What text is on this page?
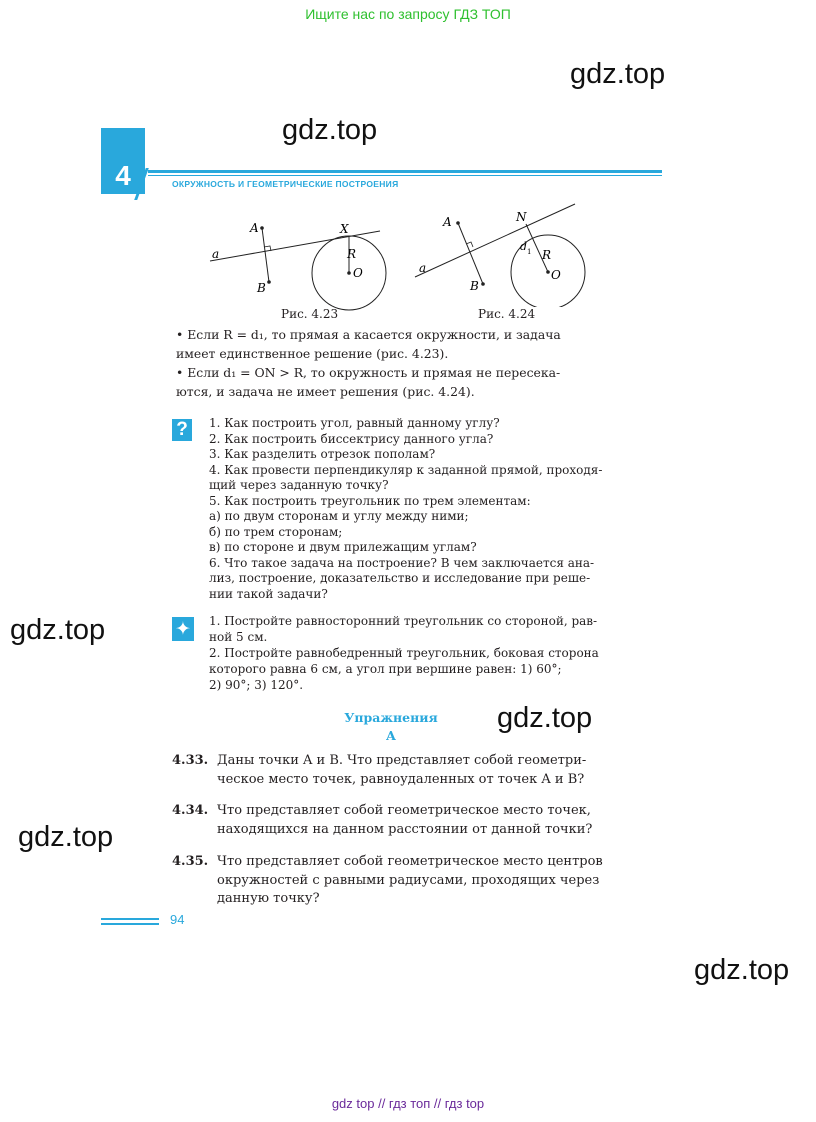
Ищите нас по запросу ГДЗ ТОП
gdz.top
gdz.top
gdz.top
gdz.top
gdz.top
gdz.top
4	ОКРУЖНОСТЬ И ГЕОМЕТРИЧЕСКИЕ ПОСТРОЕНИЯ
A
B
a
X
R
O
Рис. 4.23
A
B
a
N
d 1 R
O
Рис. 4.24
• Если R = d₁, то прямая a касается окружности, и задача
имеет единственное решение (рис. 4.23).
• Если d₁ = ON > R, то окружность и прямая не пересека-
ются, и задача не имеет решения (рис. 4.24).
?	1. Как построить угол, равный данному углу?
2. Как построить биссектрису данного угла?
3. Как разделить отрезок пополам?
4. Как провести перпендикуляр к заданной прямой, проходя-
щий через заданную точку?
5. Как построить треугольник по трем элементам:
а) по двум сторонам и углу между ними;
б) по трем сторонам;
в) по стороне и двум прилежащим углам?
6. Что такое задача на построение? В чем заключается ана-
лиз, построение, доказательство и исследование при реше-
нии такой задачи?
✦ 1. Постройте равносторонний треугольник со стороной, рав-
ной 5 см.
2. Постройте равнобедренный треугольник, боковая сторона
которого равна 6 см, а угол при вершине равен: 1) 60°;
2) 90°; 3) 120°.
Упражнения
А
4.33. Даны точки A и B. Что представляет собой геометри-
ческое место точек, равноудаленных от точек A и B?
4.34. Что представляет собой геометрическое место точек,
находящихся на данном расстоянии от данной точки?
4.35. Что представляет собой геометрическое место центров
окружностей с равными радиусами, проходящих через
данную точку?
94
gdz top // гдз топ // гдз top
